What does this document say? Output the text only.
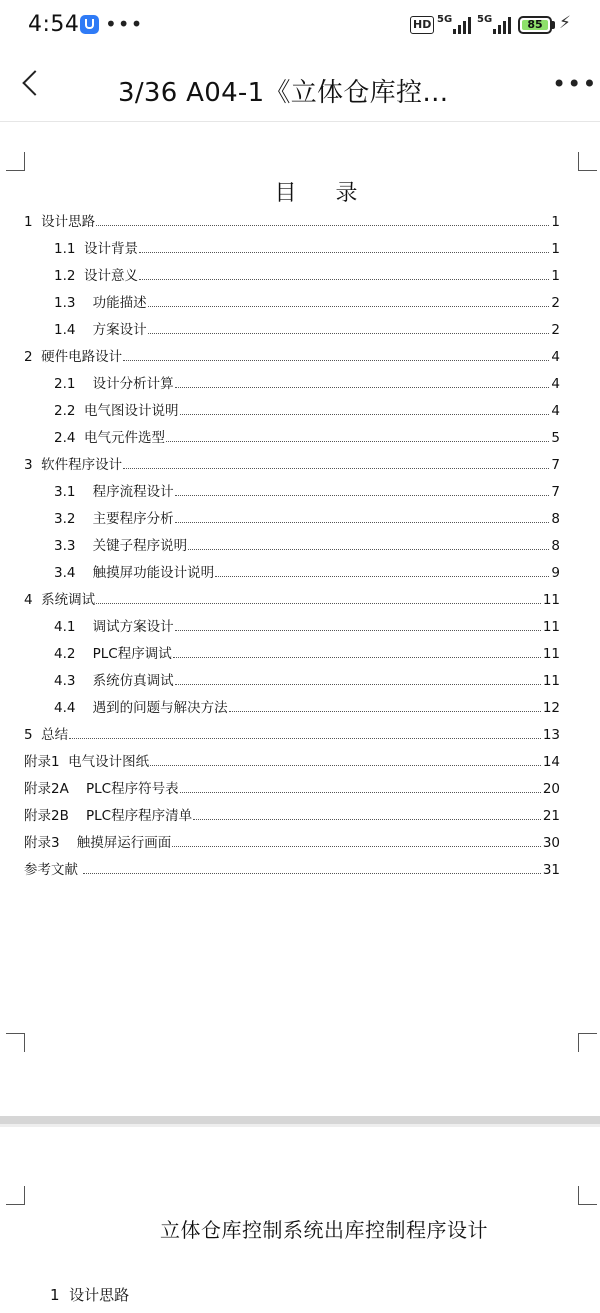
4:54 •••	HD 5G 5G	85 ⚡
3/36 A04-1《立体仓库控…	•••
目 录
1  设计思路	1
1.1  设计背景	1
1.2  设计意义	1
1.3    功能描述	2
1.4    方案设计	2
2  硬件电路设计	4
2.1    设计分析计算	4
2.2  电气图设计说明	4
2.4  电气元件选型	5
3  软件程序设计	7
3.1    程序流程设计	7
3.2    主要程序分析	8
3.3    关键子程序说明	8
3.4    触摸屏功能设计说明	9
4  系统调试	11
4.1    调试方案设计	11
4.2    PLC程序调试	11
4.3    系统仿真调试	11
4.4    遇到的问题与解决方法	12
5  总结	13
附录1  电气设计图纸	14
附录2A    PLC程序符号表	20
附录2B    PLC程序程序清单	21
附录3    触摸屏运行画面	30
参考文献	31
立体仓库控制系统出库控制程序设计
1  设计思路
